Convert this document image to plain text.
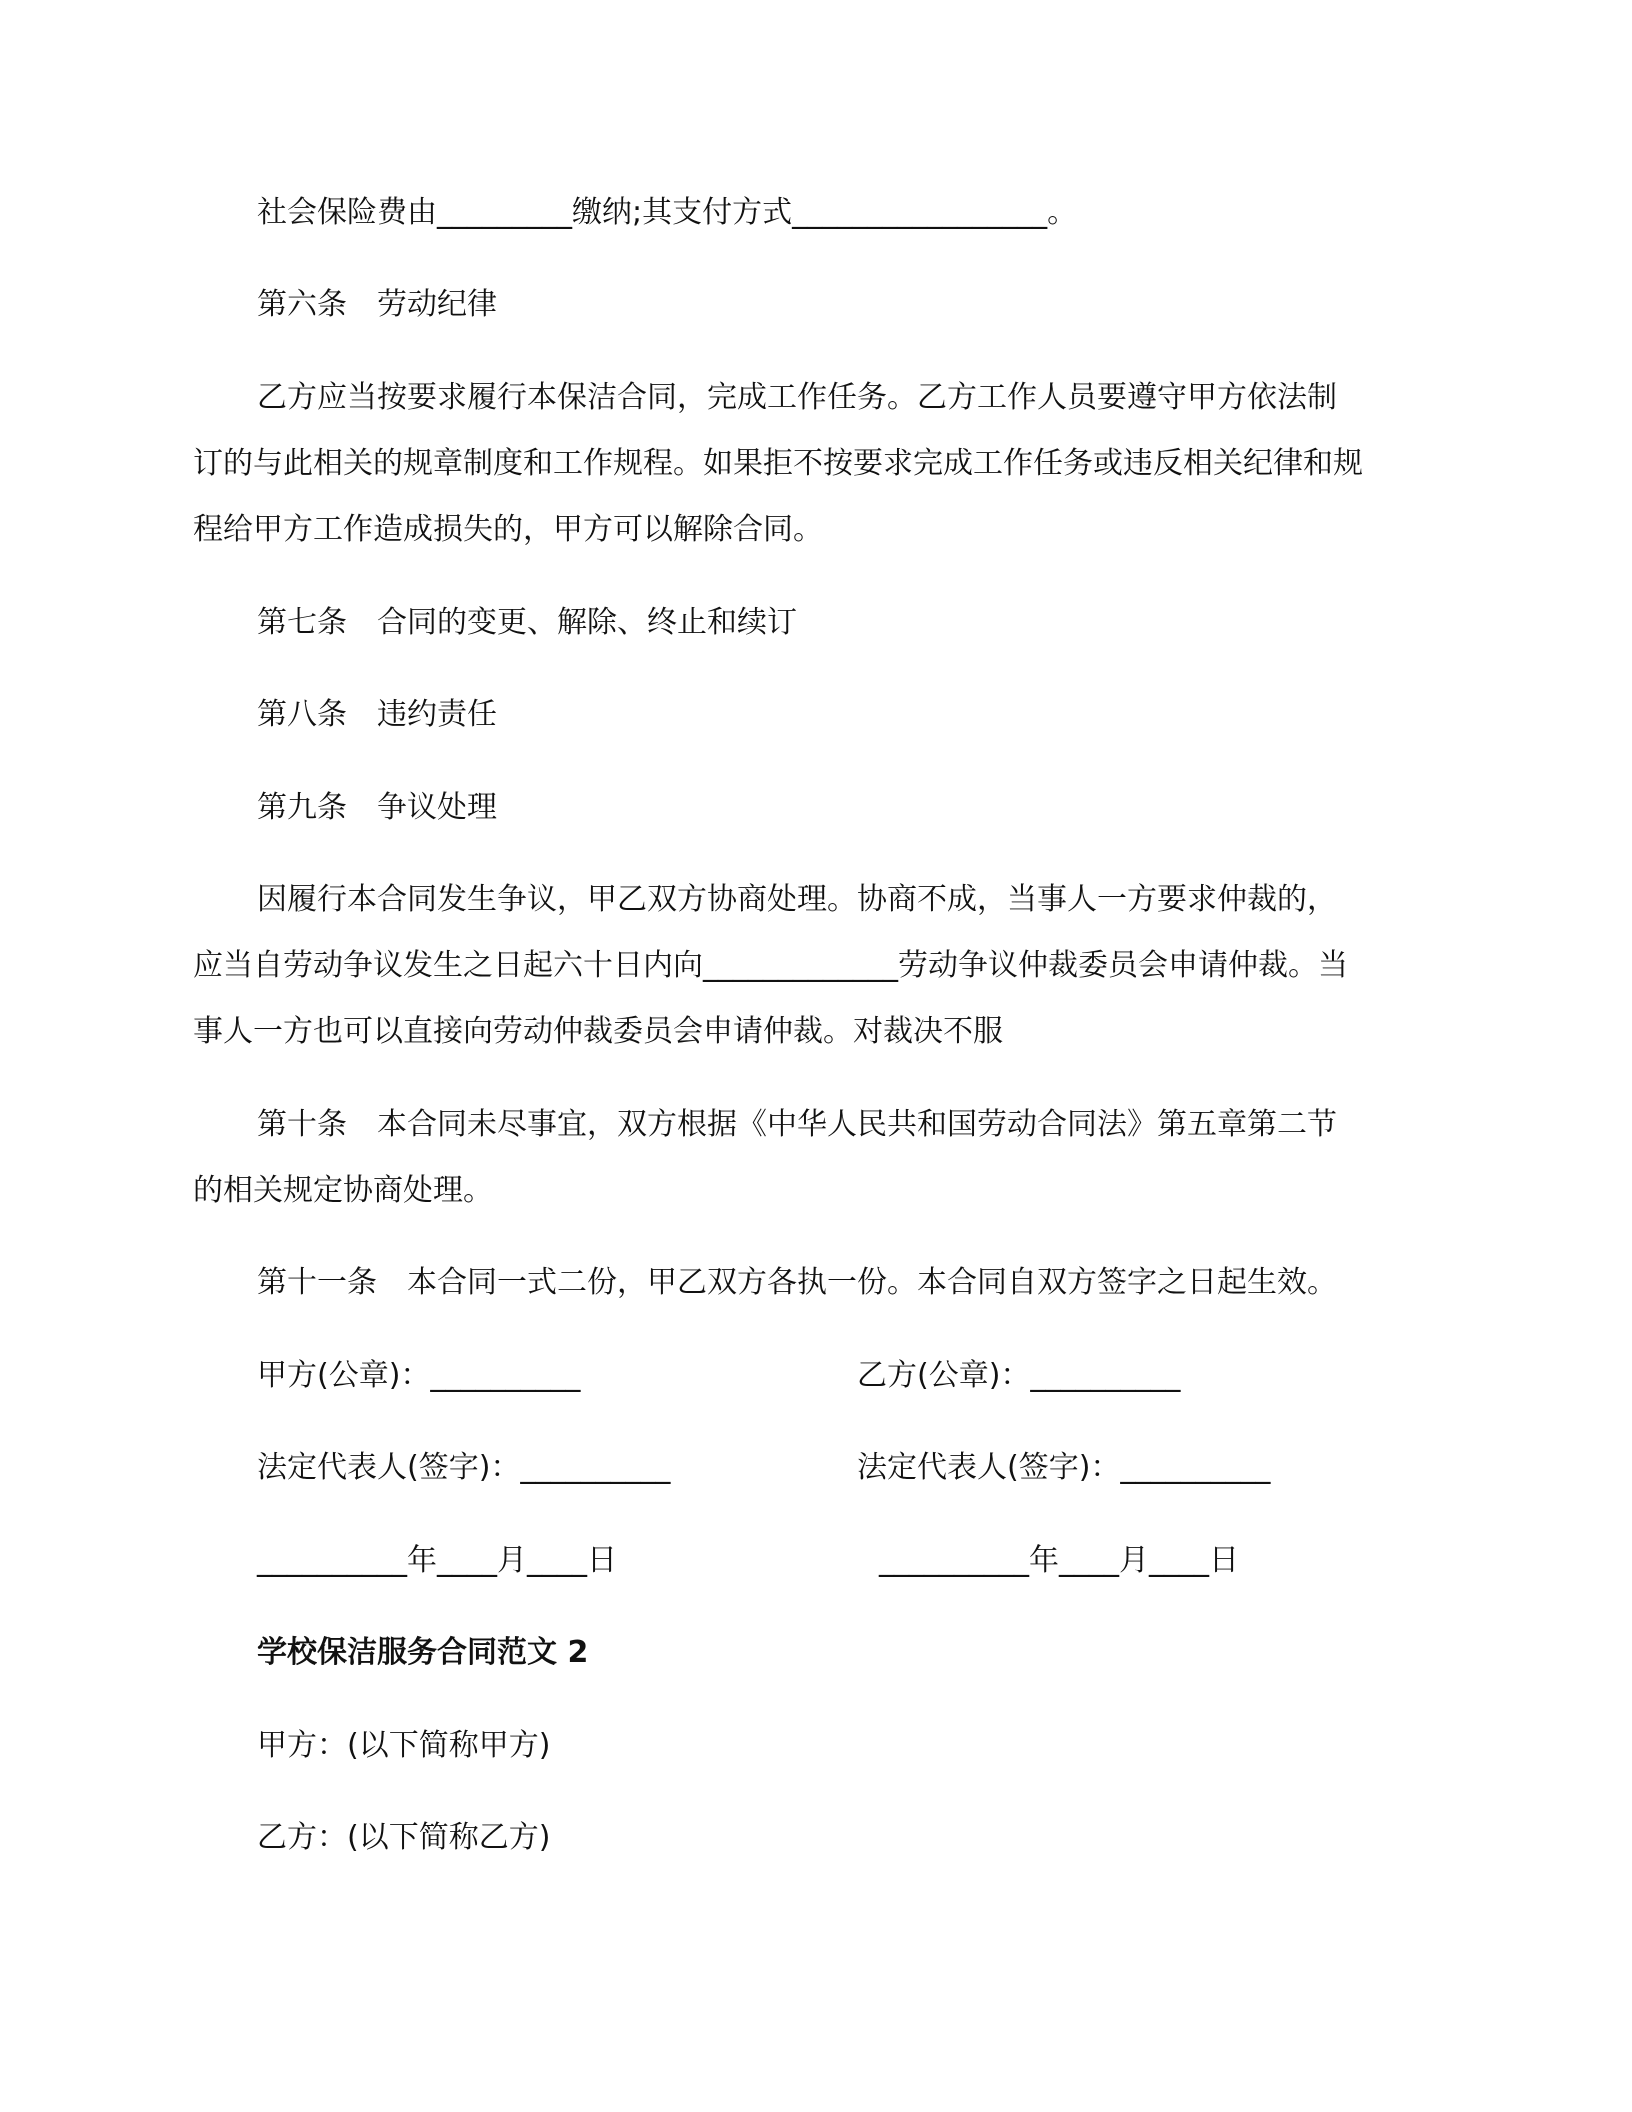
社会保险费由_________缴纳;其支付方式_________________。
第六条　劳动纪律
乙方应当按要求履行本保洁合同，完成工作任务。乙方工作人员要遵守甲方依法制
订的与此相关的规章制度和工作规程。如果拒不按要求完成工作任务或违反相关纪律和规
程给甲方工作造成损失的，甲方可以解除合同。
第七条　合同的变更、解除、终止和续订
第八条　违约责任
第九条　争议处理
因履行本合同发生争议，甲乙双方协商处理。协商不成，当事人一方要求仲裁的，
应当自劳动争议发生之日起六十日内向_____________劳动争议仲裁委员会申请仲裁。当
事人一方也可以直接向劳动仲裁委员会申请仲裁。对裁决不服
第十条　本合同未尽事宜，双方根据《中华人民共和国劳动合同法》第五章第二节
的相关规定协商处理。
第十一条　本合同一式二份，甲乙双方各执一份。本合同自双方签字之日起生效。
甲方(公章)：__________	乙方(公章)：__________
法定代表人(签字)：__________	法定代表人(签字)：__________
__________年____月____日	__________年____月____日
学校保洁服务合同范文 2
甲方：(以下简称甲方)
乙方：(以下简称乙方)
